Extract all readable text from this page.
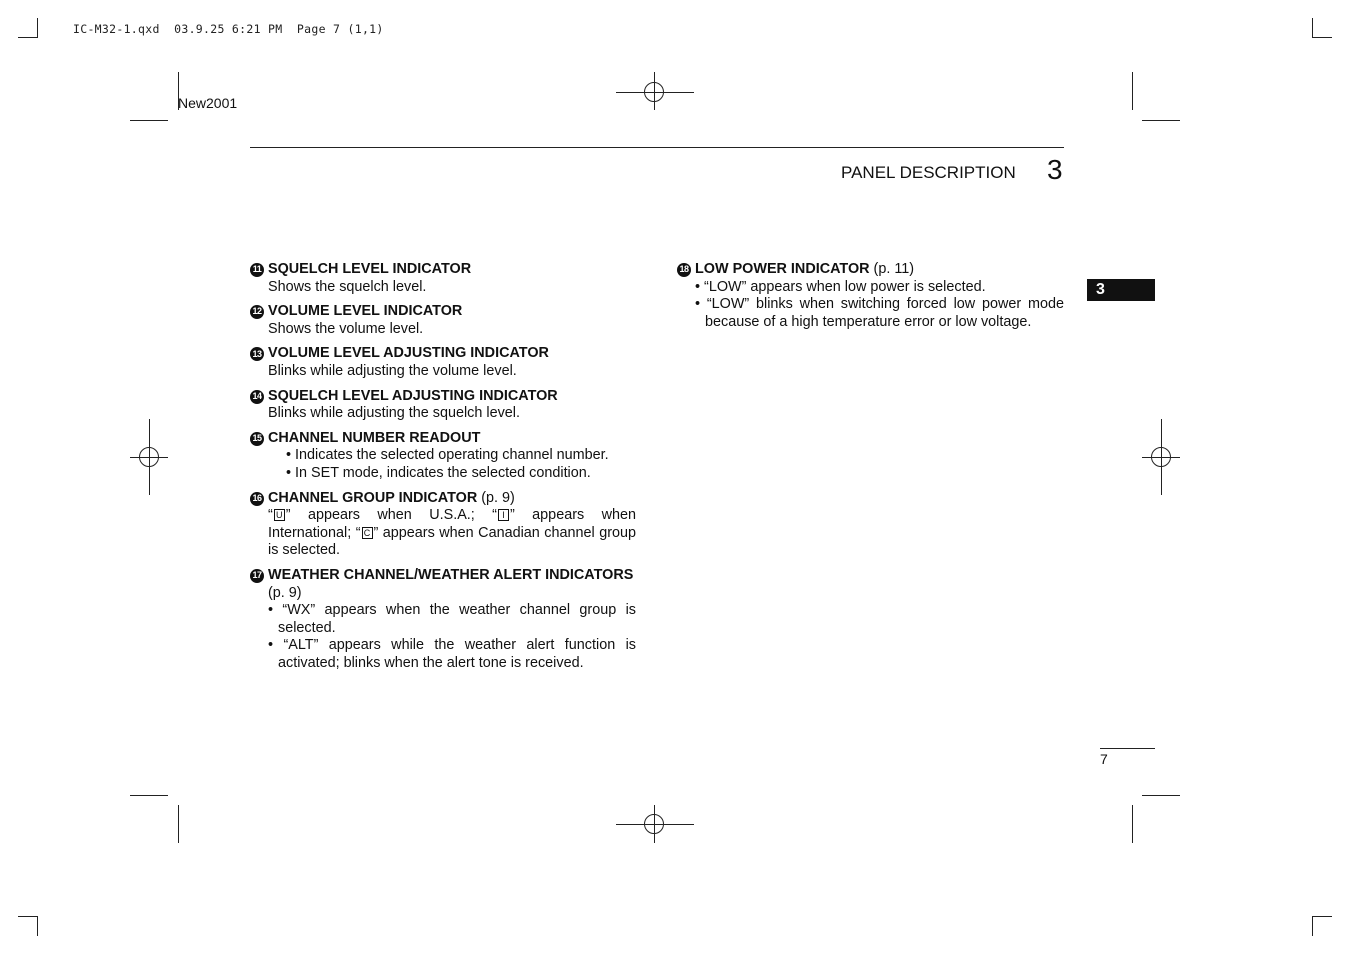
IC-M32-1.qxd  03.9.25 6:21 PM  Page 7 (1,1)
New2001
PANEL DESCRIPTION 3
3
11 SQUELCH LEVEL INDICATOR
Shows the squelch level.
12 VOLUME LEVEL INDICATOR
Shows the volume level.
13 VOLUME LEVEL ADJUSTING INDICATOR
Blinks while adjusting the volume level.
14 SQUELCH LEVEL ADJUSTING INDICATOR
Blinks while adjusting the squelch level.
15 CHANNEL NUMBER READOUT
• Indicates the selected operating channel number.
• In SET mode, indicates the selected condition.
16 CHANNEL GROUP INDICATOR (p. 9)
“ U ” appears when U.S.A.; “ I ” appears when International; “ C ” appears when Canadian channel group is selected.
17 WEATHER CHANNEL/WEATHER ALERT INDICATORS
(p. 9)
• “WX” appears when the weather channel group is selected.
• “ALT” appears while the weather alert function is activated; blinks when the alert tone is received.
18 LOW POWER INDICATOR (p. 11)
• “LOW” appears when low power is selected.
• “LOW” blinks when switching forced low power mode because of a high temperature error or low voltage.
7
